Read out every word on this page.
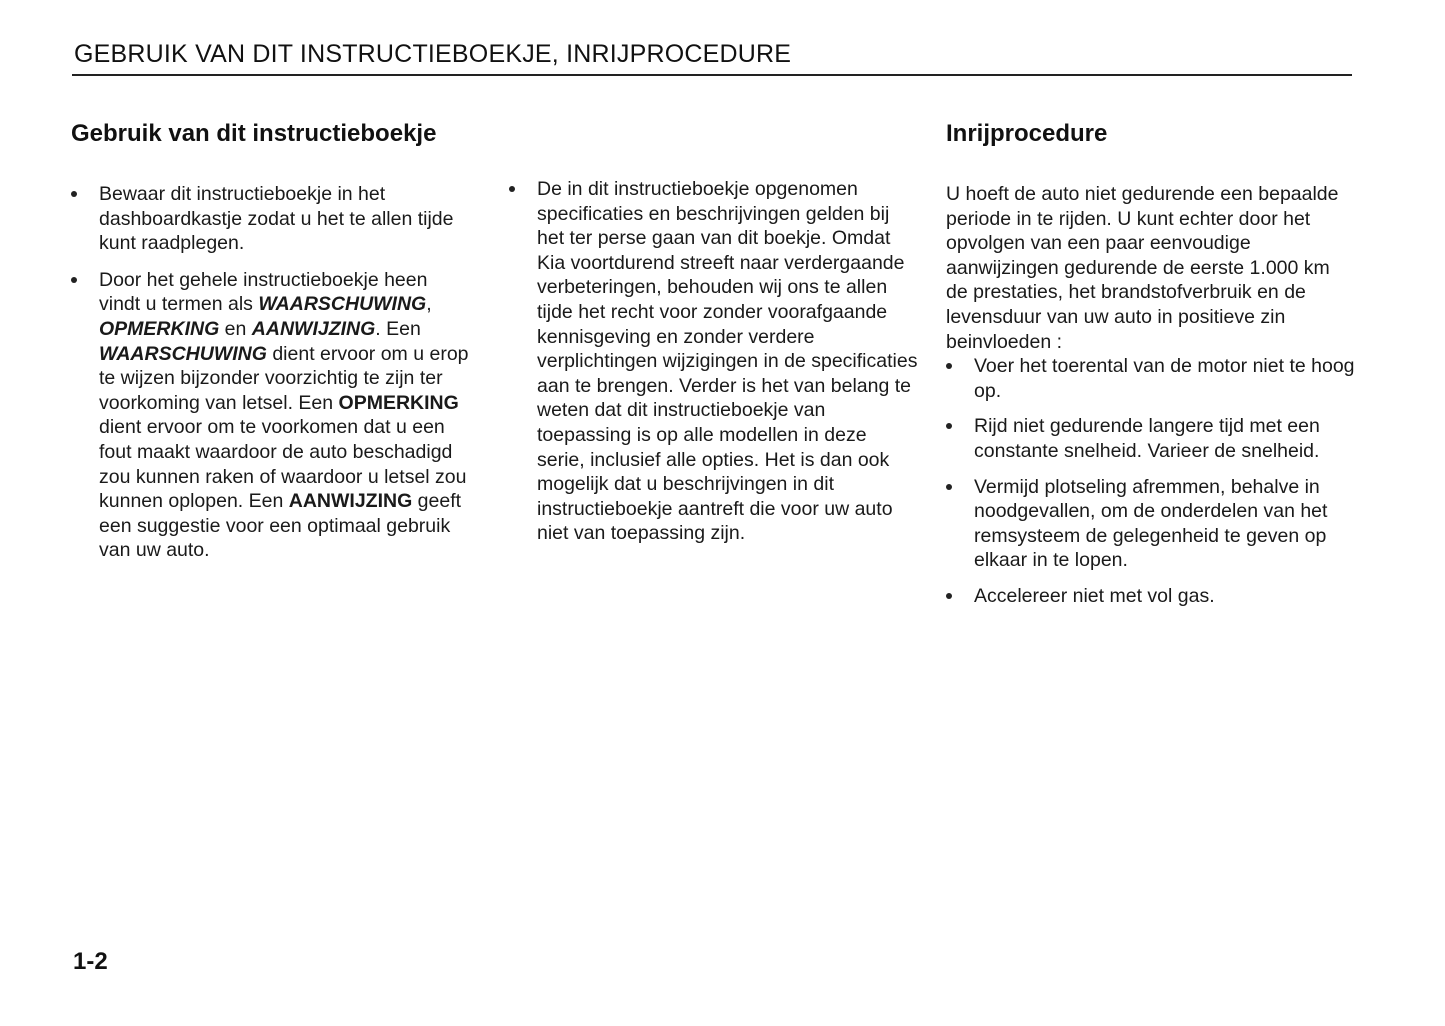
GEBRUIK VAN DIT INSTRUCTIEBOEKJE, INRIJPROCEDURE
Gebruik van dit instructieboekje
Bewaar dit instructieboekje in het dashboardkastje zodat u het te allen tijde kunt raadplegen.
Door het gehele instructieboekje heen vindt u termen als WAARSCHUWING, OPMERKING en AANWIJZING. Een WAARSCHUWING dient ervoor om u erop te wijzen bijzonder voorzichtig te zijn ter voorkoming van letsel. Een OPMERKING dient ervoor om te voorkomen dat u een fout maakt waardoor de auto beschadigd zou kunnen raken of waardoor u letsel zou kunnen oplopen. Een AANWIJZING geeft een suggestie voor een optimaal gebruik van uw auto.
De in dit instructieboekje opgenomen specificaties en beschrijvingen gelden bij het ter perse gaan van dit boekje. Omdat Kia voortdurend streeft naar verdergaande verbeteringen, behouden wij ons te allen tijde het recht voor zonder voorafgaande kennisgeving en zonder verdere verplichtingen wijzigingen in de specificaties aan te brengen. Verder is het van belang te weten dat dit instructieboekje van toepassing is op alle modellen in deze serie, inclusief alle opties. Het is dan ook mogelijk dat u beschrijvingen in dit instructieboekje aantreft die voor uw auto niet van toepassing zijn.
Inrijprocedure
U hoeft de auto niet gedurende een bepaalde periode in te rijden. U kunt echter door het opvolgen van een paar eenvoudige aanwijzingen gedurende de eerste 1.000 km de prestaties, het brandstofverbruik en de levensduur van uw auto in positieve zin beinvloeden :
Voer het toerental van de motor niet te hoog op.
Rijd niet gedurende langere tijd met een constante snelheid. Varieer de snelheid.
Vermijd plotseling afremmen, behalve in noodgevallen, om de onderdelen van het remsysteem de gelegenheid te geven op elkaar in te lopen.
Accelereer niet met vol gas.
1-2
